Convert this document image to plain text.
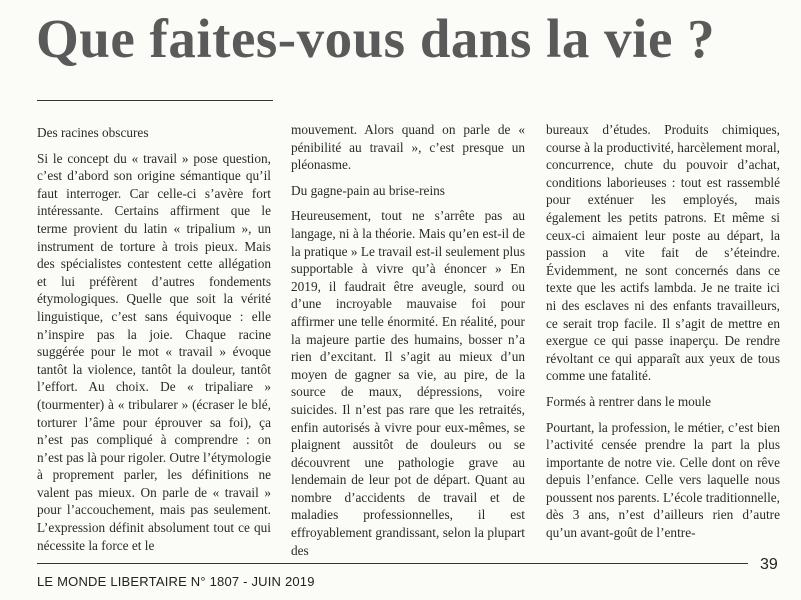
Que faites-vous dans la vie ?

Des racines obscures

Si le concept du « travail » pose question, c’est d’abord son origine sémantique qu’il faut interroger. Car celle-ci s’avère fort intéressante. Certains affirment que le terme provient du latin « tripalium », un instrument de torture à trois pieux. Mais des spécialistes contestent cette allégation et lui préfèrent d’autres fondements étymologiques. Quelle que soit la vérité linguistique, c’est sans équivoque : elle n’inspire pas la joie. Chaque racine suggérée pour le mot « travail » évoque tantôt la violence, tantôt la douleur, tantôt l’effort. Au choix. De « tripaliare » (tourmenter) à « tribularer » (écraser le blé, torturer l’âme pour éprouver sa foi), ça n’est pas compliqué à comprendre : on n’est pas là pour rigoler. Outre l’étymologie à proprement parler, les définitions ne valent pas mieux. On parle de « travail » pour l’accouchement, mais pas seulement. L’expression définit absolument tout ce qui nécessite la force et le

mouvement. Alors quand on parle de « pénibilité au travail », c’est presque un pléonasme.

Du gagne-pain au brise-reins

Heureusement, tout ne s’arrête pas au langage, ni à la théorie. Mais qu’en est-il de la pratique » Le travail est-il seulement plus supportable à vivre qu’à énoncer » En 2019, il faudrait être aveugle, sourd ou d’une incroyable mauvaise foi pour affirmer une telle énormité. En réalité, pour la majeure partie des humains, bosser n’a rien d’excitant. Il s’agit au mieux d’un moyen de gagner sa vie, au pire, de la source de maux, dépressions, voire suicides. Il n’est pas rare que les retraités, enfin autorisés à vivre pour eux-mêmes, se plaignent aussitôt de douleurs ou se découvrent une pathologie grave au lendemain de leur pot de départ. Quant au nombre d’accidents de travail et de maladies professionnelles, il est effroyablement grandissant, selon la plupart des

bureaux d’études. Produits chimiques, course à la productivité, harcèlement moral, concurrence, chute du pouvoir d’achat, conditions laborieuses : tout est rassemblé pour exténuer les employés, mais également les petits patrons. Et même si ceux-ci aimaient leur poste au départ, la passion a vite fait de s’éteindre. Évidemment, ne sont concernés dans ce texte que les actifs lambda. Je ne traite ici ni des esclaves ni des enfants travailleurs, ce serait trop facile. Il s’agit de mettre en exergue ce qui passe inaperçu. De rendre révoltant ce qui apparaît aux yeux de tous comme une fatalité.

Formés à rentrer dans le moule

Pourtant, la profession, le métier, c’est bien l’activité censée prendre la part la plus importante de notre vie. Celle dont on rêve depuis l’enfance. Celle vers laquelle nous poussent nos parents. L’école traditionnelle, dès 3 ans, n’est d’ailleurs rien d’autre qu’un avant-goût de l’entre-

LE MONDE LIBERTAIRE N° 1807 - JUIN 2019
39
